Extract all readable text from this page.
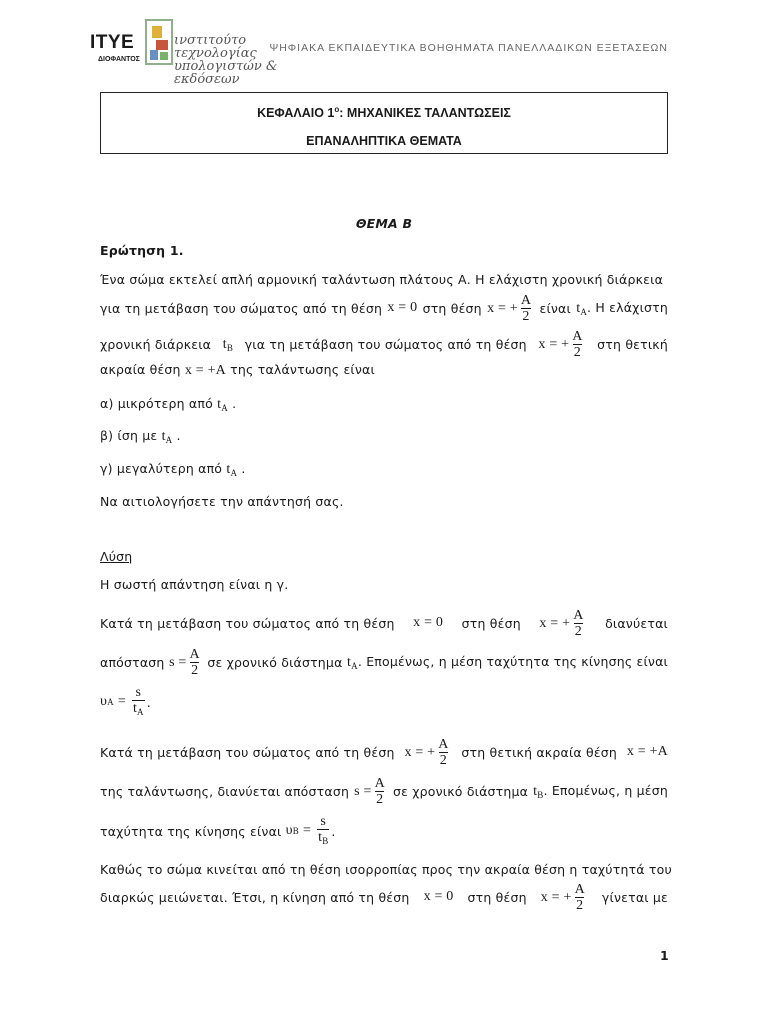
ITYE
ΔΙΟΦΑΝΤΟΣ
ινστιτούτο
τεχνολογίας
υπολογιστών & εκδόσεων
ΨΗΦΙΑΚΑ ΕΚΠΑΙΔΕΥΤΙΚΑ ΒΟΗΘΗΜΑΤΑ ΠΑΝΕΛΛΑΔΙΚΩΝ ΕΞΕΤΑΣΕΩΝ
ΚΕΦΑΛΑΙΟ $1^o$: ΜΗΧΑΝΙΚΕΣ ΤΑΛΑΝΤΩΣΕΙΣ
ΕΠΑΝΑΛΗΠΤΙΚΑ ΘΕΜΑΤΑ
ΘΕΜΑ Β
Ερώτηση 1.
Ένα σώμα εκτελεί απλή αρμονική ταλάντωση πλάτους Α. Η ελάχιστη χρονική διάρκεια
για τη μετάβαση του σώματος από τη θέση x = 0 στη θέση x = + $\frac{A}{2}$ είναι $t_A$. Η ελάχιστη
χρονική διάρκεια $t_B$ για τη μετάβαση του σώματος από τη θέση x = + $\frac{A}{2}$ στη θετική
ακραία θέση x = +A της ταλάντωσης είναι
α) μικρότερη από $t_A$ .
β) ίση με $t_A$ .
γ) μεγαλύτερη από $t_A$ .
Να αιτιολογήσετε την απάντησή σας.
Λύση
Η σωστή απάντηση είναι η γ.
Κατά τη μετάβαση του σώματος από τη θέση x = 0 στη θέση x = + $\frac{A}{2}$ διανύεται
απόσταση $s = \frac{A}{2}$ σε χρονικό διάστημα $t_A$. Επομένως, η μέση ταχύτητα της κίνησης είναι
υ $A = \frac{s}{t_A}$ .
Κατά τη μετάβαση του σώματος από τη θέση x = + $\frac{A}{2}$ στη θετική ακραία θέση x = +A
της ταλάντωσης, διανύεται απόσταση $s = \frac{A}{2}$ σε χρονικό διάστημα $t_B$. Επομένως, η μέση
ταχύτητα της κίνησης είναι
υ $B = \frac{s}{t_B}$ .
Καθώς το σώμα κινείται από τη θέση ισορροπίας προς την ακραία θέση η ταχύτητά του
διαρκώς μειώνεται. Έτσι, η κίνηση από τη θέση x = 0 στη θέση x = + $\frac{A}{2}$ γίνεται με
1
